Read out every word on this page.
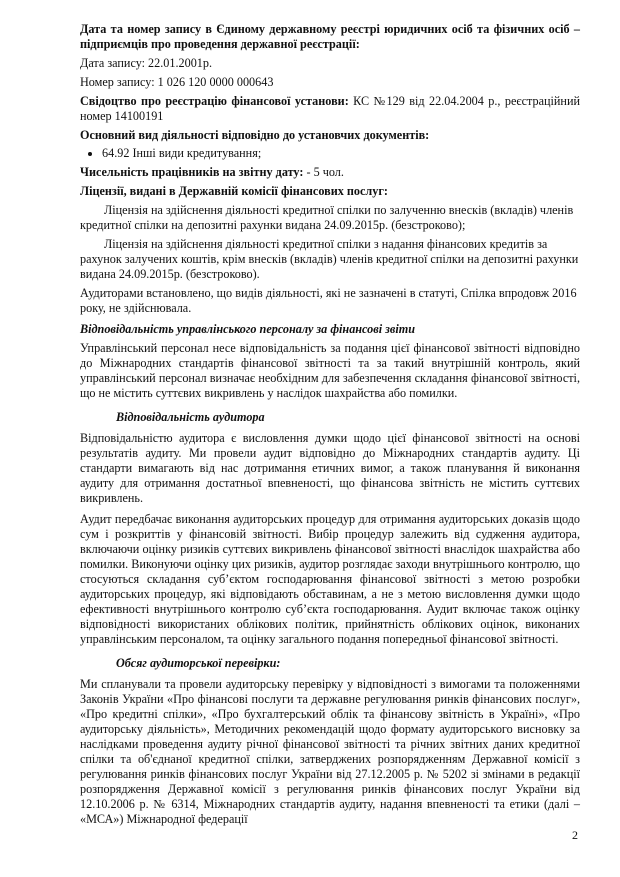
Дата та номер запису в Єдиному державному реєстрі юридичних осіб та фізичних осіб – підприємців про проведення державної реєстрації:

Дата запису: 22.01.2001р.

Номер запису: 1 026 120 0000 000643

Свідоцтво про реєстрацію фінансової установи: КС №129 від 22.04.2004 р., реєстраційний номер 14100191

Основний вид діяльності відповідно до установчих документів:

• 64.92 Інші види кредитування;

Чисельність працівників на звітну дату: - 5 чол.

Ліцензії, видані в Державній комісії фінансових послуг:

Ліцензія на здійснення діяльності кредитної спілки по залученню внесків (вкладів) членів кредитної спілки на депозитні рахунки видана 24.09.2015р. (безстроково);

Ліцензія на здійснення діяльності кредитної спілки з надання фінансових кредитів за рахунок залучених коштів, крім внесків (вкладів) членів кредитної спілки на депозитні рахунки видана 24.09.2015р. (безстроково).

Аудиторами встановлено, що видів діяльності, які не зазначені в статуті, Спілка впродовж 2016 року, не здійснювала.

Відповідальність управлінського персоналу за фінансові звіти

Управлінський персонал несе відповідальність за подання цієї фінансової звітності відповідно до Міжнародних стандартів фінансової звітності та за такий внутрішній контроль, який управлінський персонал визначає необхідним для забезпечення складання фінансової звітності, що не містить суттєвих викривлень у наслідок шахрайства або помилки.

Відповідальність аудитора

Відповідальністю аудитора є висловлення думки щодо цієї фінансової звітності на основі результатів аудиту. Ми провели аудит відповідно до Міжнародних стандартів аудиту. Ці стандарти вимагають від нас дотримання етичних вимог, а також планування й виконання аудиту для отримання достатньої впевненості, що фінансова звітність не містить суттєвих викривлень.

Аудит передбачає виконання аудиторських процедур для отримання аудиторських доказів щодо сум і розкриттів у фінансовій звітності. Вибір процедур залежить від судження аудитора, включаючи оцінку ризиків суттєвих викривлень фінансової звітності внаслідок шахрайства або помилки. Виконуючи оцінку цих ризиків, аудитор розглядає заходи внутрішнього контролю, що стосуються складання суб’єктом господарювання фінансової звітності з метою розробки аудиторських процедур, які відповідають обставинам, а не з метою висловлення думки щодо ефективності внутрішнього контролю суб’єкта господарювання. Аудит включає також оцінку відповідності використаних облікових політик, прийнятність облікових оцінок, виконаних управлінським персоналом, та оцінку загального подання попередньої фінансової звітності.

Обсяг аудиторської перевірки:

Ми спланували та провели аудиторську перевірку у відповідності з вимогами та положеннями Законів України «Про фінансові послуги та державне регулювання ринків фінансових послуг», «Про кредитні спілки», «Про бухгалтерський облік та фінансову звітність в Україні», «Про аудиторську діяльність», Методичних рекомендацій щодо формату аудиторського висновку за наслідками проведення аудиту річної фінансової звітності та річних звітних даних кредитної спілки та об'єднаної кредитної спілки, затверджених розпорядженням Державної комісії з регулювання ринків фінансових послуг України від 27.12.2005 р. № 5202 зі змінами в редакції розпорядження Державної комісії з регулювання ринків фінансових послуг України від 12.10.2006 р. № 6314, Міжнародних стандартів аудиту, надання впевненості та етики (далі – «МСА») Міжнародної федерації

2
